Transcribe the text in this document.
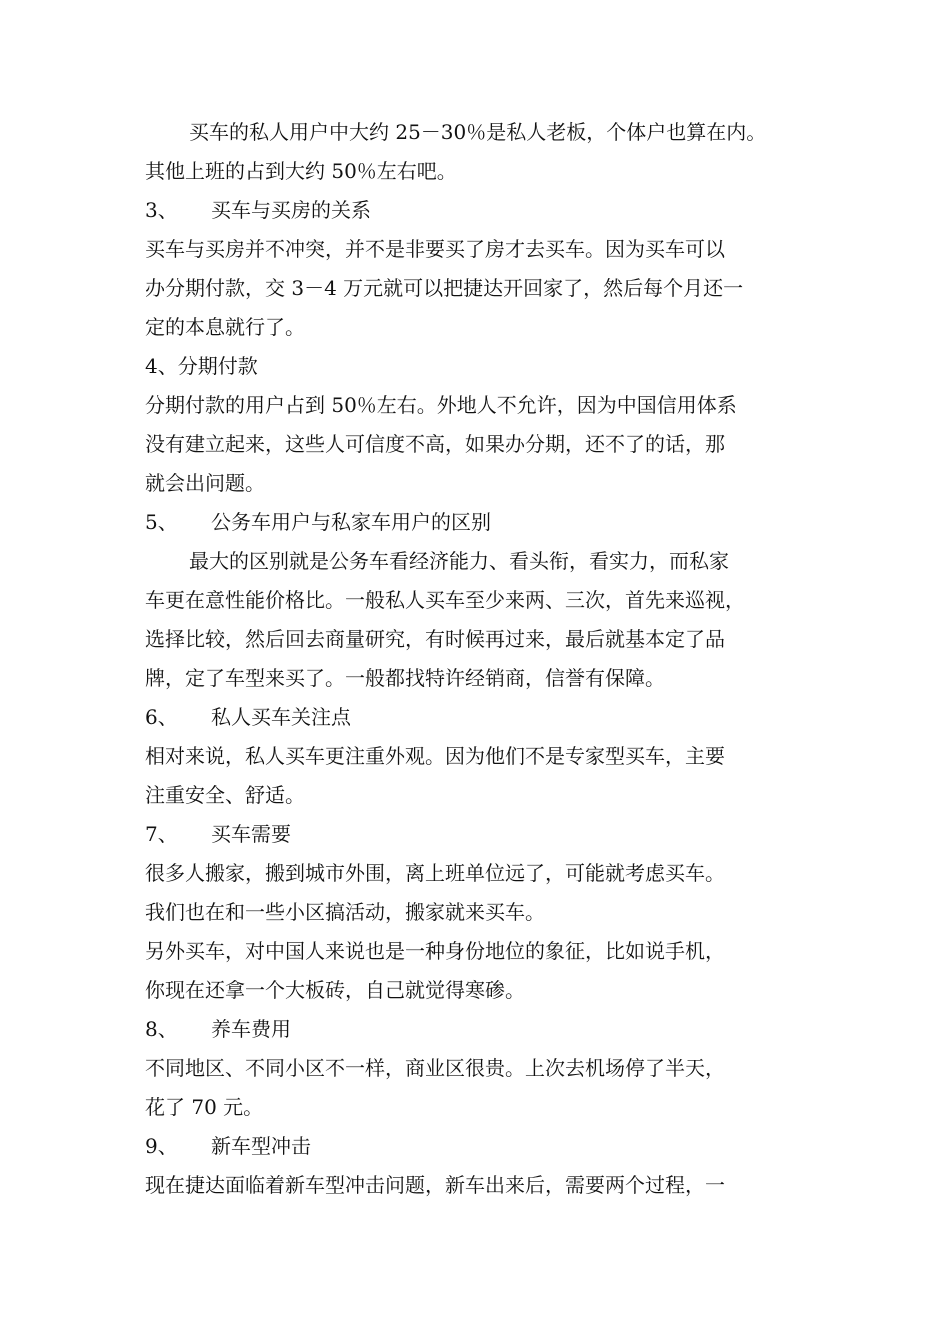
买车的私人用户中大约 25－30％是私人老板，个体户也算在内。
其他上班的占到大约 50％左右吧。
3、 买车与买房的关系
买车与买房并不冲突，并不是非要买了房才去买车。因为买车可以
办分期付款，交 3－4 万元就可以把捷达开回家了，然后每个月还一
定的本息就行了。
4、分期付款
分期付款的用户占到 50％左右。外地人不允许，因为中国信用体系
没有建立起来，这些人可信度不高，如果办分期，还不了的话，那
就会出问题。
5、 公务车用户与私家车用户的区别
最大的区别就是公务车看经济能力、看头衔，看实力，而私家
车更在意性能价格比。一般私人买车至少来两、三次，首先来巡视，
选择比较，然后回去商量研究，有时候再过来，最后就基本定了品
牌，定了车型来买了。一般都找特许经销商，信誉有保障。
6、 私人买车关注点
相对来说，私人买车更注重外观。因为他们不是专家型买车，主要
注重安全、舒适。
7、 买车需要
很多人搬家，搬到城市外围，离上班单位远了，可能就考虑买车。
我们也在和一些小区搞活动，搬家就来买车。
另外买车，对中国人来说也是一种身份地位的象征，比如说手机，
你现在还拿一个大板砖，自己就觉得寒碜。
8、 养车费用
不同地区、不同小区不一样，商业区很贵。上次去机场停了半天，
花了 70 元。
9、 新车型冲击
现在捷达面临着新车型冲击问题，新车出来后，需要两个过程，一
